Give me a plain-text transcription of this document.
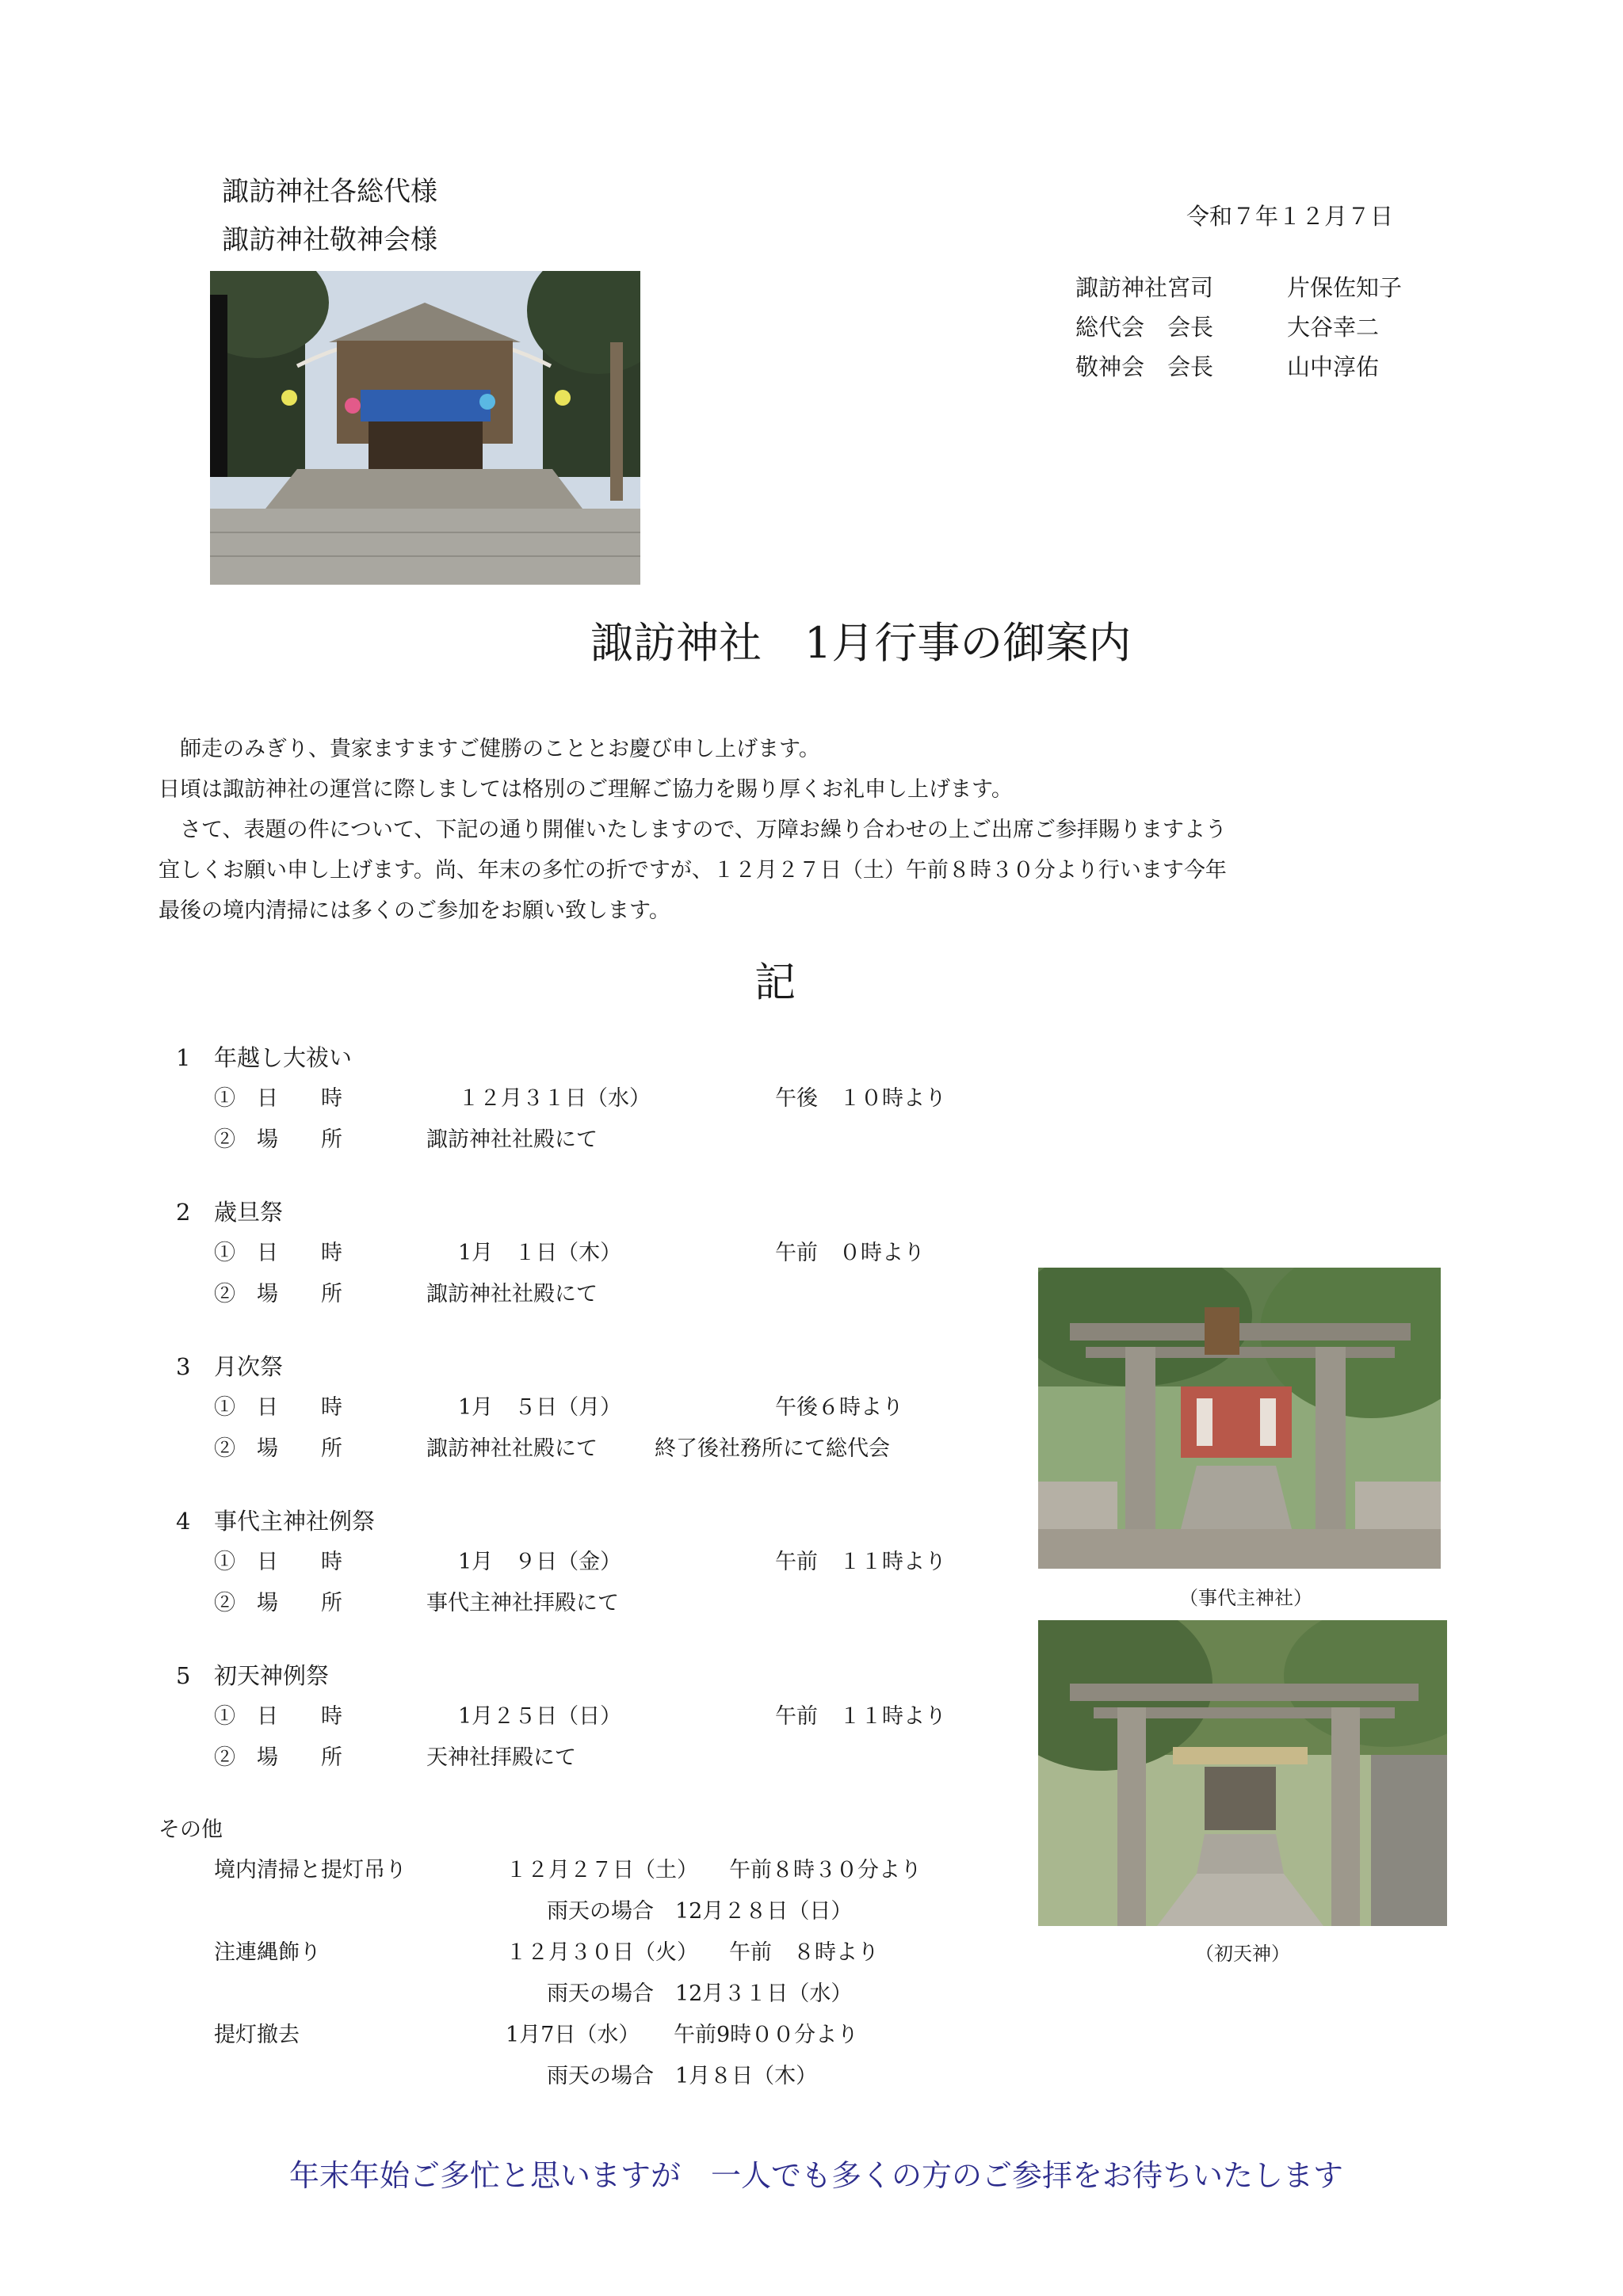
諏訪神社各総代様
諏訪神社敬神会様
令和７年１２月７日
諏訪神社宮司	片保佐知子
総代会　会長	大谷幸二
敬神会　会長	山中淳佑
諏訪神社　1月行事の御案内
　師走のみぎり、貴家ますますご健勝のこととお慶び申し上げます。
日頃は諏訪神社の運営に際しましては格別のご理解ご協力を賜り厚くお礼申し上げます。
　さて、表題の件について、下記の通り開催いたしますので、万障お繰り合わせの上ご出席ご参拝賜りますよう
宜しくお願い申し上げます。尚、年末の多忙の折ですが、１２月２７日（土）午前８時３０分より行います今年
最後の境内清掃には多くのご参加をお願い致します。
記
1 年越し大祓い
①　日　　時	１２月３１日（水）	午後　１０時より
②　場　　所	諏訪神社社殿にて
2 歳旦祭
①　日　　時	1月　１日（木）	午前　０時より
②　場　　所	諏訪神社社殿にて
3 月次祭
①　日　　時	1月　５日（月）	午後６時より
②　場　　所	諏訪神社社殿にて	終了後社務所にて総代会
4 事代主神社例祭
①　日　　時	1月　９日（金）	午前　１１時より
②　場　　所	事代主神社拝殿にて
5 初天神例祭
①　日　　時	1月２５日（日）	午前　１１時より
②　場　　所	天神社拝殿にて
その他
境内清掃と提灯吊り	１２月２７日（土） 午前８時３０分より
雨天の場合　12月２８日（日）
注連縄飾り	１２月３０日（火） 午前　８時より
雨天の場合　12月３１日（水）
提灯撤去	1月7日（水） 午前9時００分より
雨天の場合　1月８日（木）
（事代主神社）
（初天神）
年末年始ご多忙と思いますが　一人でも多くの方のご参拝をお待ちいたします
